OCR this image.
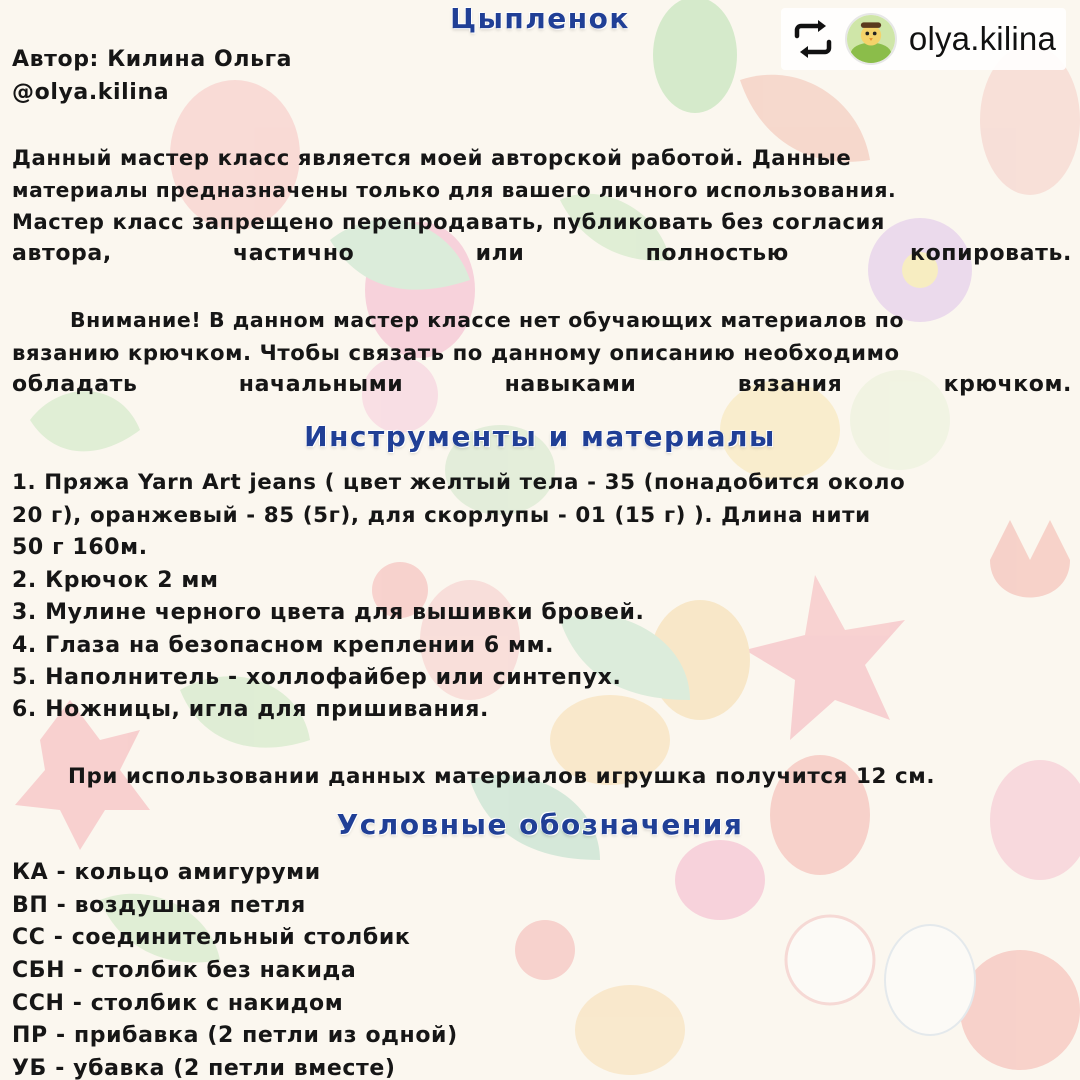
Цыпленок
Автор: Килина Ольга
@olya.kilina
Данный мастер класс является моей авторской работой. Данные
материалы предназначены только для вашего личного использования.
Мастер класс запрещено перепродавать, публиковать без согласия
автора,	частично	или	полностью	копировать.
Внимание! В данном мастер классе нет обучающих материалов по
вязанию крючком. Чтобы связать по данному описанию необходимо
обладать	начальными	навыками	вязания	крючком.
Инструменты и материалы
1. Пряжа Yarn Art jeans ( цвет желтый тела - 35 (понадобится около
20 г), оранжевый - 85 (5г), для скорлупы - 01 (15 г) ). Длина нити
50 г 160м.
2. Крючок 2 мм
3. Мулине черного цвета для вышивки бровей.
4. Глаза на безопасном креплении 6 мм.
5. Наполнитель - холлофайбер или синтепух.
6. Ножницы, игла для пришивания.
При использовании данных материалов игрушка получится 12 см.
Условные обозначения
КА - кольцо амигуруми
ВП - воздушная петля
СС - соединительный столбик
СБН - столбик без накида
ССН - столбик с накидом
ПР - прибавка (2 петли из одной)
УБ - убавка (2 петли вместе)
olya.kilina
